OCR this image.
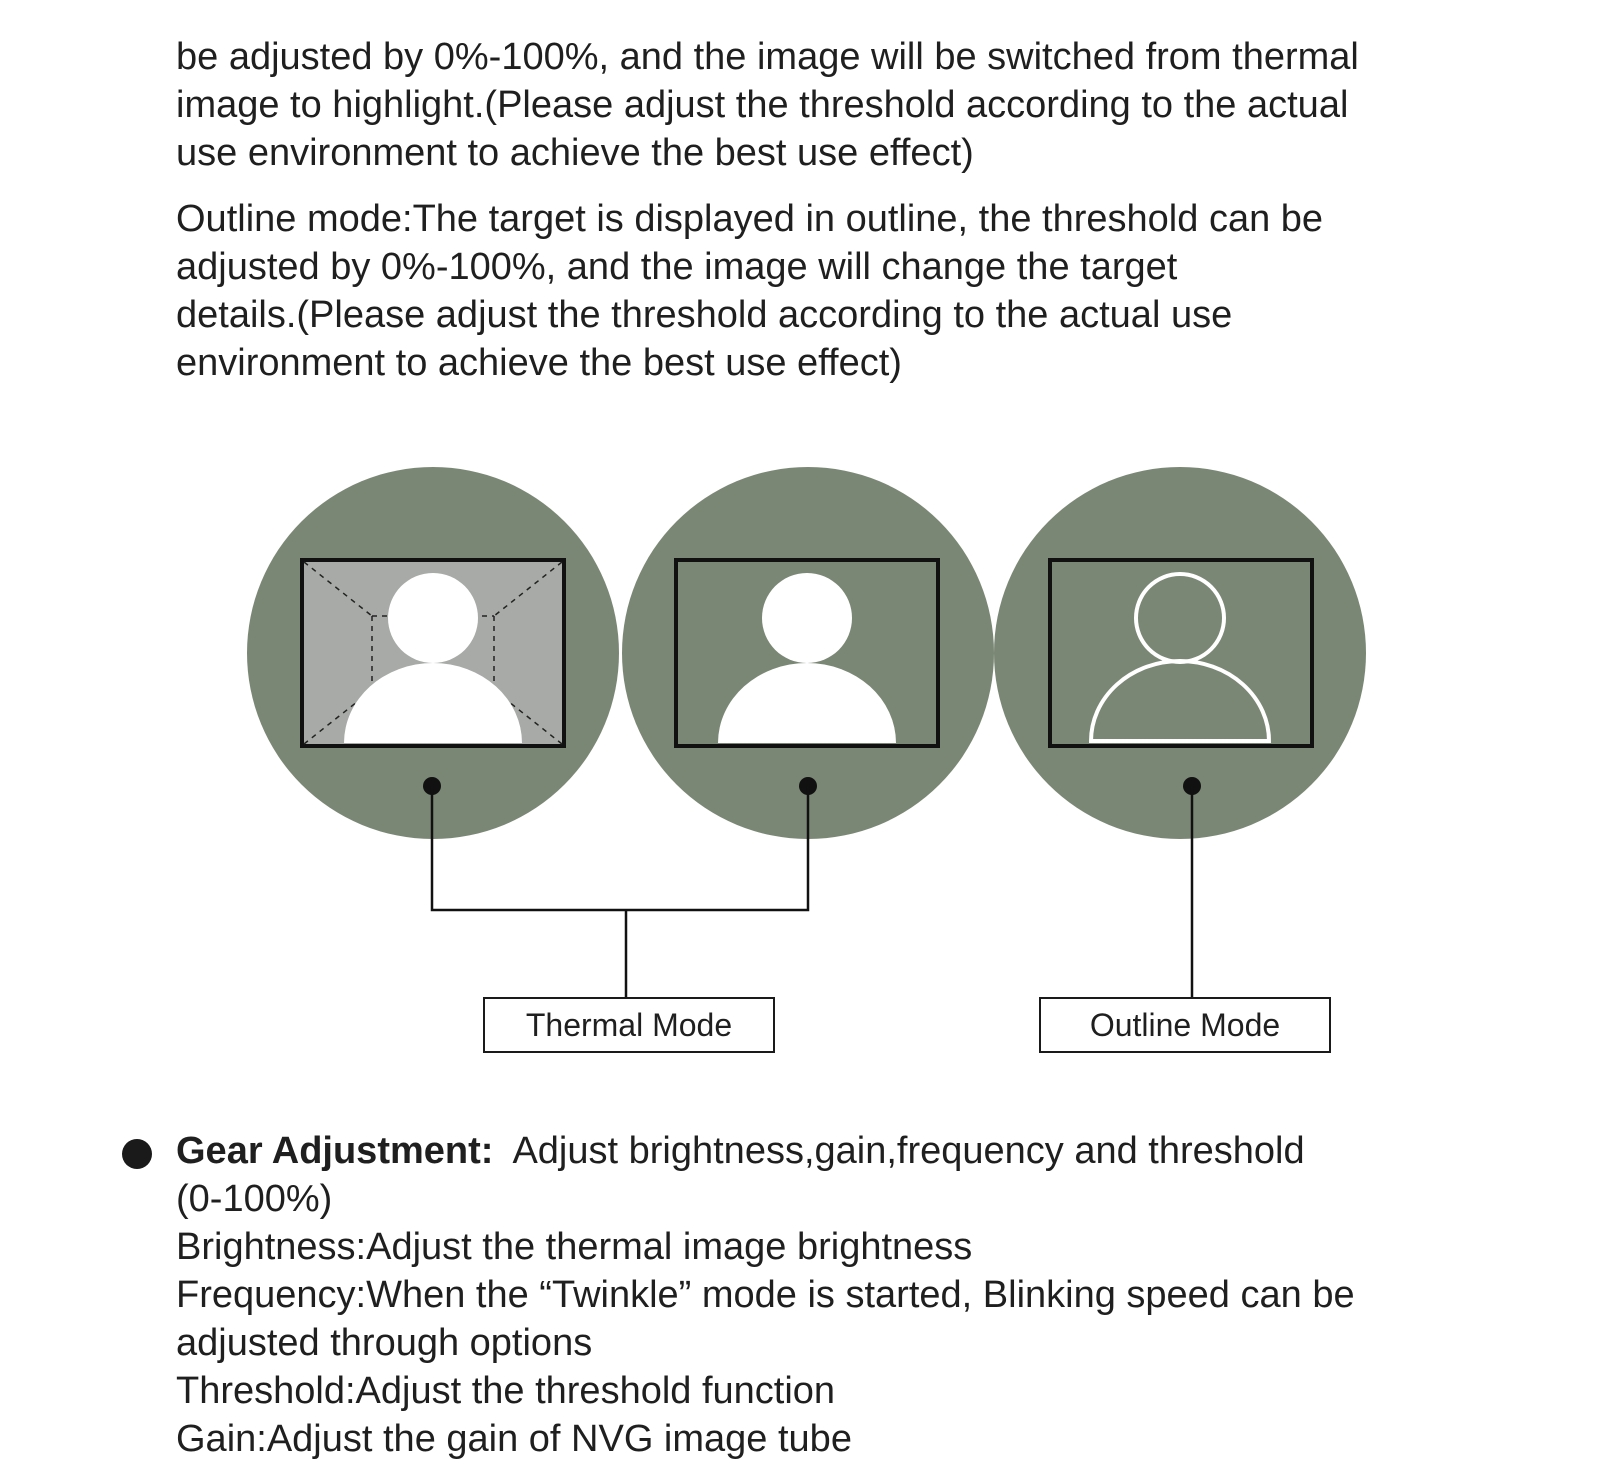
be adjusted by 0%-100%, and the image will be switched from thermal
image to highlight.(Please adjust the threshold according to the actual
use environment to achieve the best use effect)

Outline mode:The target is displayed in outline, the threshold can be
adjusted by 0%-100%, and the image will change the target
details.(Please adjust the threshold according to the actual use
environment to achieve the best use effect)

Thermal Mode	Outline Mode
Gear Adjustment: Adjust brightness,gain,frequency and threshold
(0-100%)
Brightness:Adjust the thermal image brightness
Frequency:When the “Twinkle” mode is started, Blinking speed can be
adjusted through options
Threshold:Adjust the threshold function
Gain:Adjust the gain of NVG image tube
